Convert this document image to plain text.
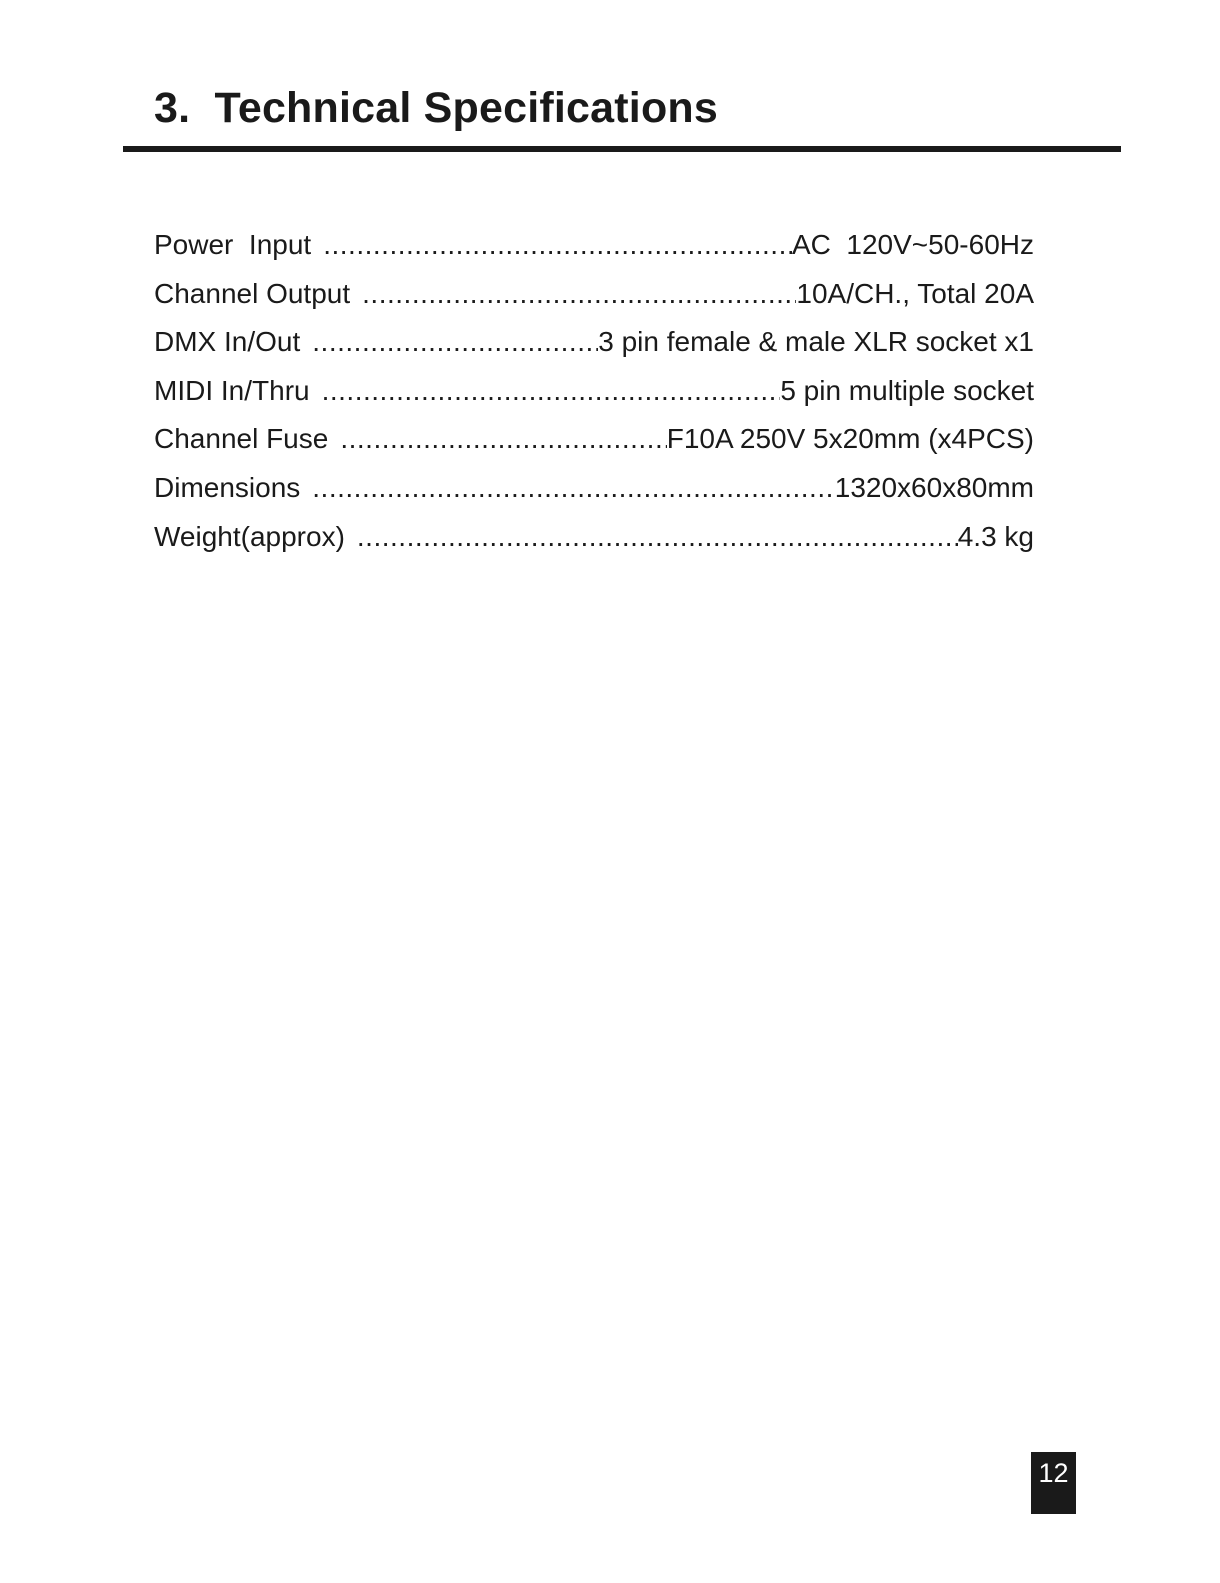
3.  Technical Specifications
Power  Input .....	AC  120V~50-60Hz
Channel Output .....	10A/CH., Total 20A
DMX In/Out .....	3 pin female & male XLR socket x1
MIDI In/Thru .....	5 pin multiple socket
Channel Fuse .....	F10A 250V 5x20mm (x4PCS)
Dimensions .....	1320x60x80mm
Weight(approx) .....	4.3 kg
12
